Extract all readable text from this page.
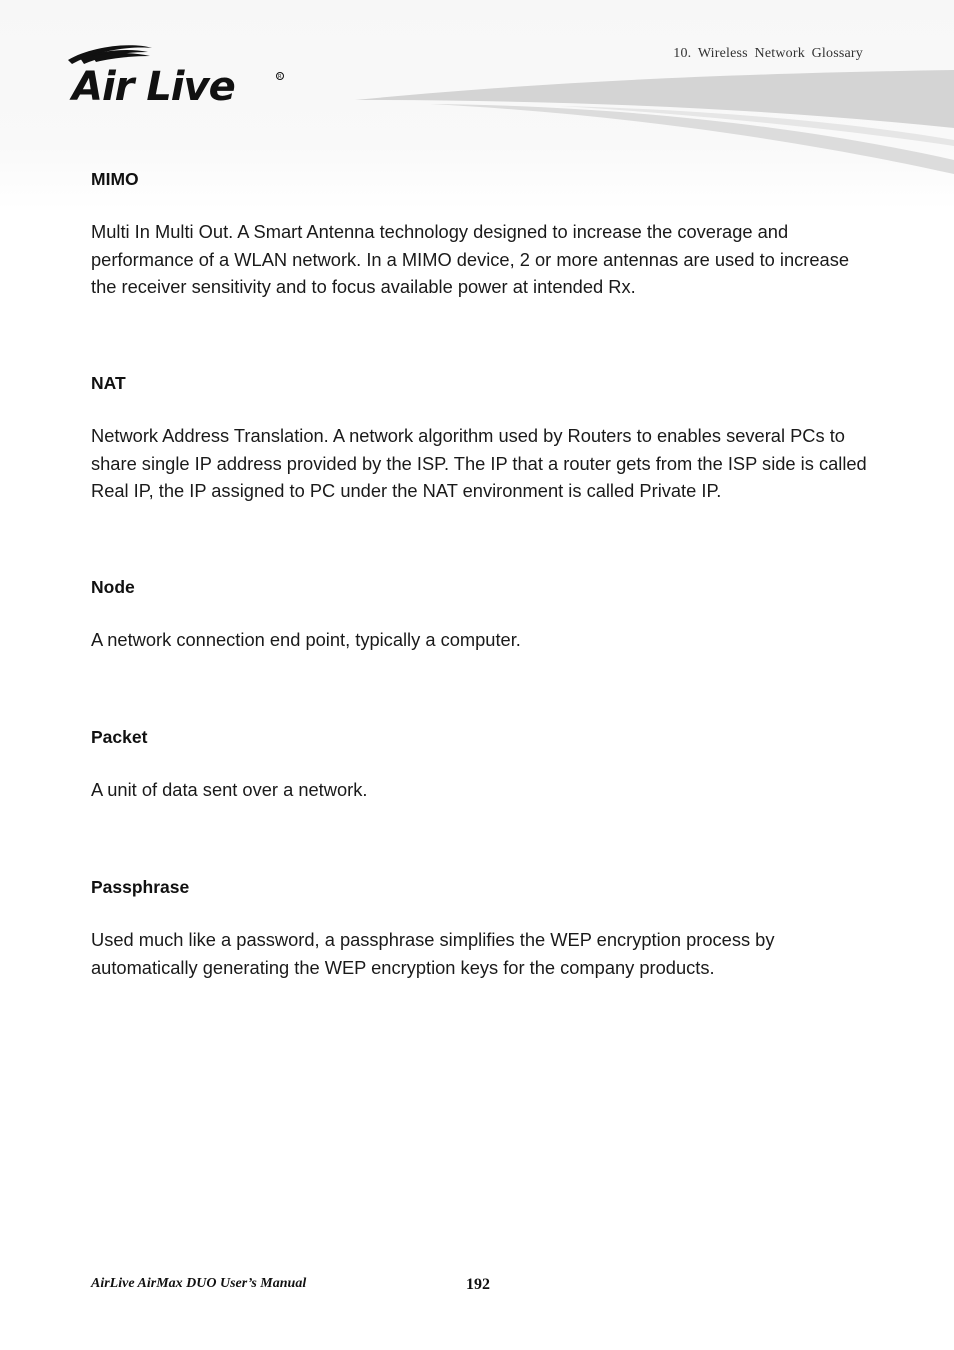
Air Live	R
10. Wireless Network Glossary

MIMO

Multi In Multi Out. A Smart Antenna technology designed to increase the coverage and performance of a WLAN network. In a MIMO device, 2 or more antennas are used to increase the receiver sensitivity and to focus available power at intended Rx.

NAT

Network Address Translation. A network algorithm used by Routers to enables several PCs to share single IP address provided by the ISP. The IP that a router gets from the ISP side is called Real IP, the IP assigned to PC under the NAT environment is called Private IP.

Node

A network connection end point, typically a computer.

Packet

A unit of data sent over a network.

Passphrase

Used much like a password, a passphrase simplifies the WEP encryption process by automatically generating the WEP encryption keys for the company products.

AirLive AirMax DUO User’s Manual	192
